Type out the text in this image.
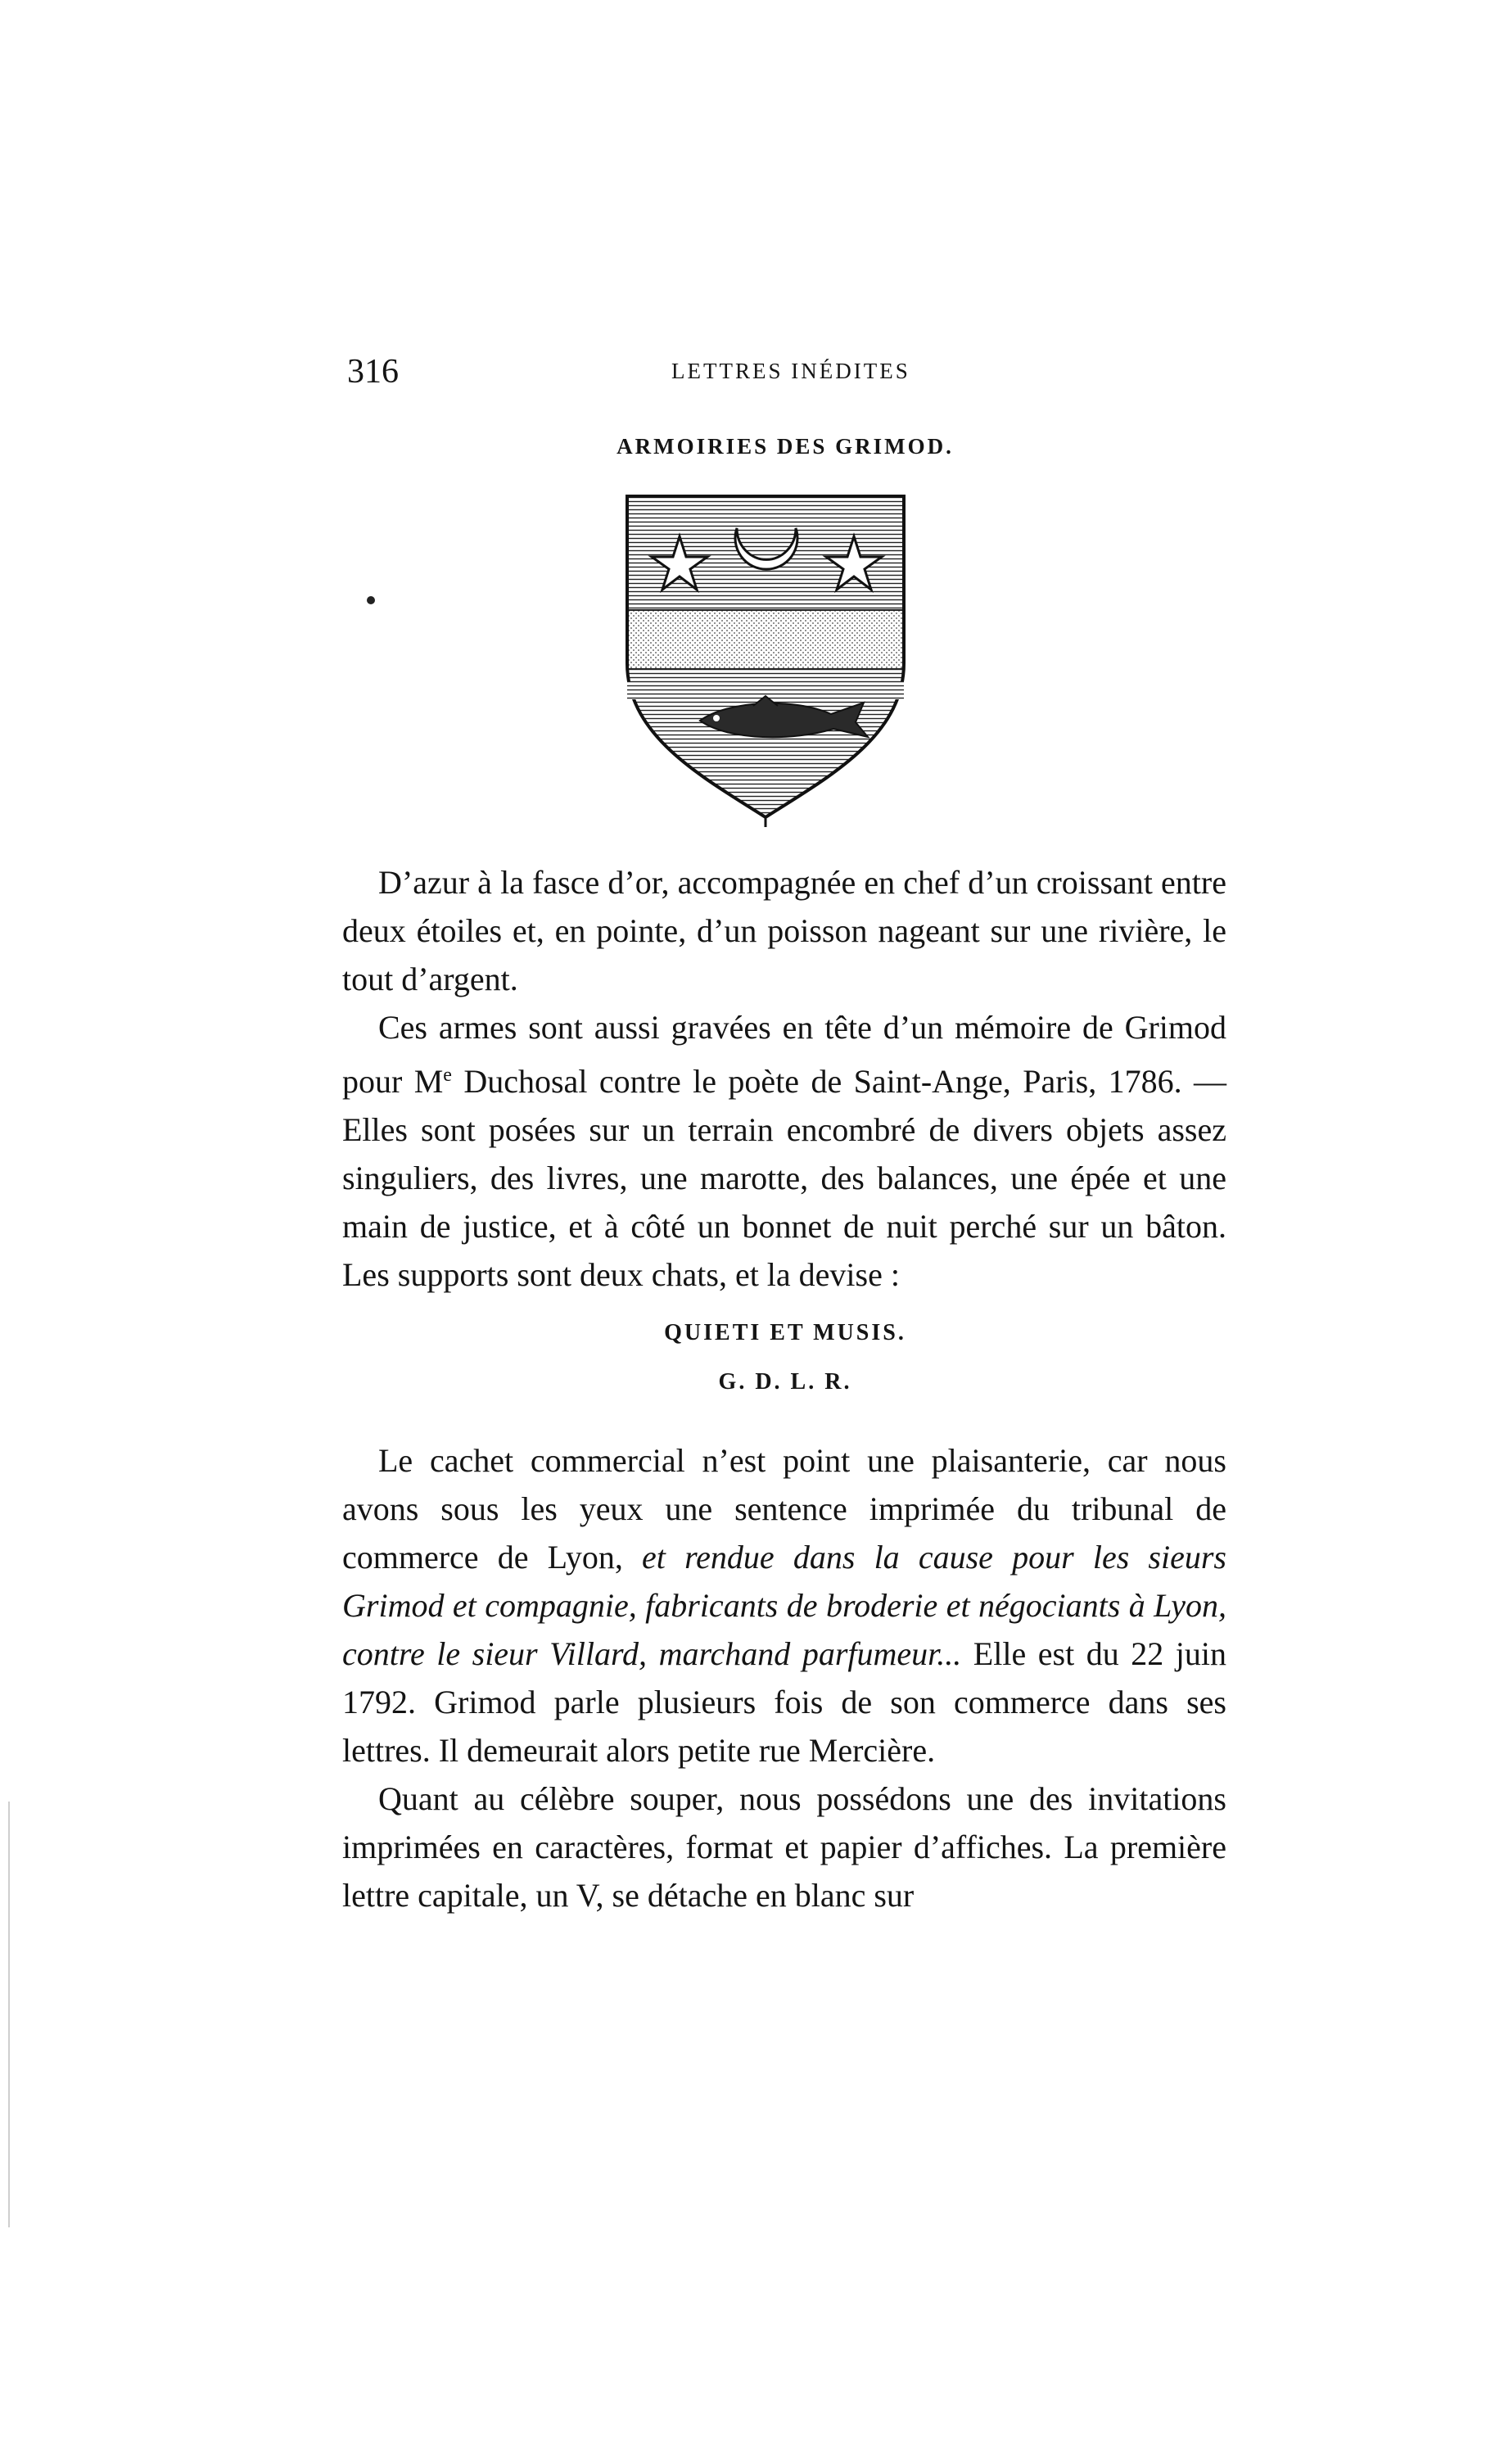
316	LETTRES INÉDITES
ARMOIRIES DES GRIMOD.

D’azur à la fasce d’or, accompagnée en chef d’un croissant entre deux étoiles et, en pointe, d’un poisson nageant sur une rivière, le tout d’argent.

Ces armes sont aussi gravées en tête d’un mémoire de Grimod pour Me Duchosal contre le poète de Saint-Ange, Paris, 1786. — Elles sont posées sur un terrain encombré de divers objets assez singuliers, des livres, une marotte, des balances, une épée et une main de justice, et à côté un bonnet de nuit perché sur un bâton. Les supports sont deux chats, et la devise :

QUIETI ET MUSIS.
G. D. L. R.

Le cachet commercial n’est point une plaisanterie, car nous avons sous les yeux une sentence imprimée du tribunal de commerce de Lyon, et rendue dans la cause pour les sieurs Grimod et compagnie, fabricants de broderie et négociants à Lyon, contre le sieur Villard, marchand parfumeur... Elle est du 22 juin 1792. Grimod parle plusieurs fois de son commerce dans ses lettres. Il demeurait alors petite rue Mercière.

Quant au célèbre souper, nous possédons une des invitations imprimées en caractères, format et papier d’affiches. La première lettre capitale, un V, se détache en blanc sur
